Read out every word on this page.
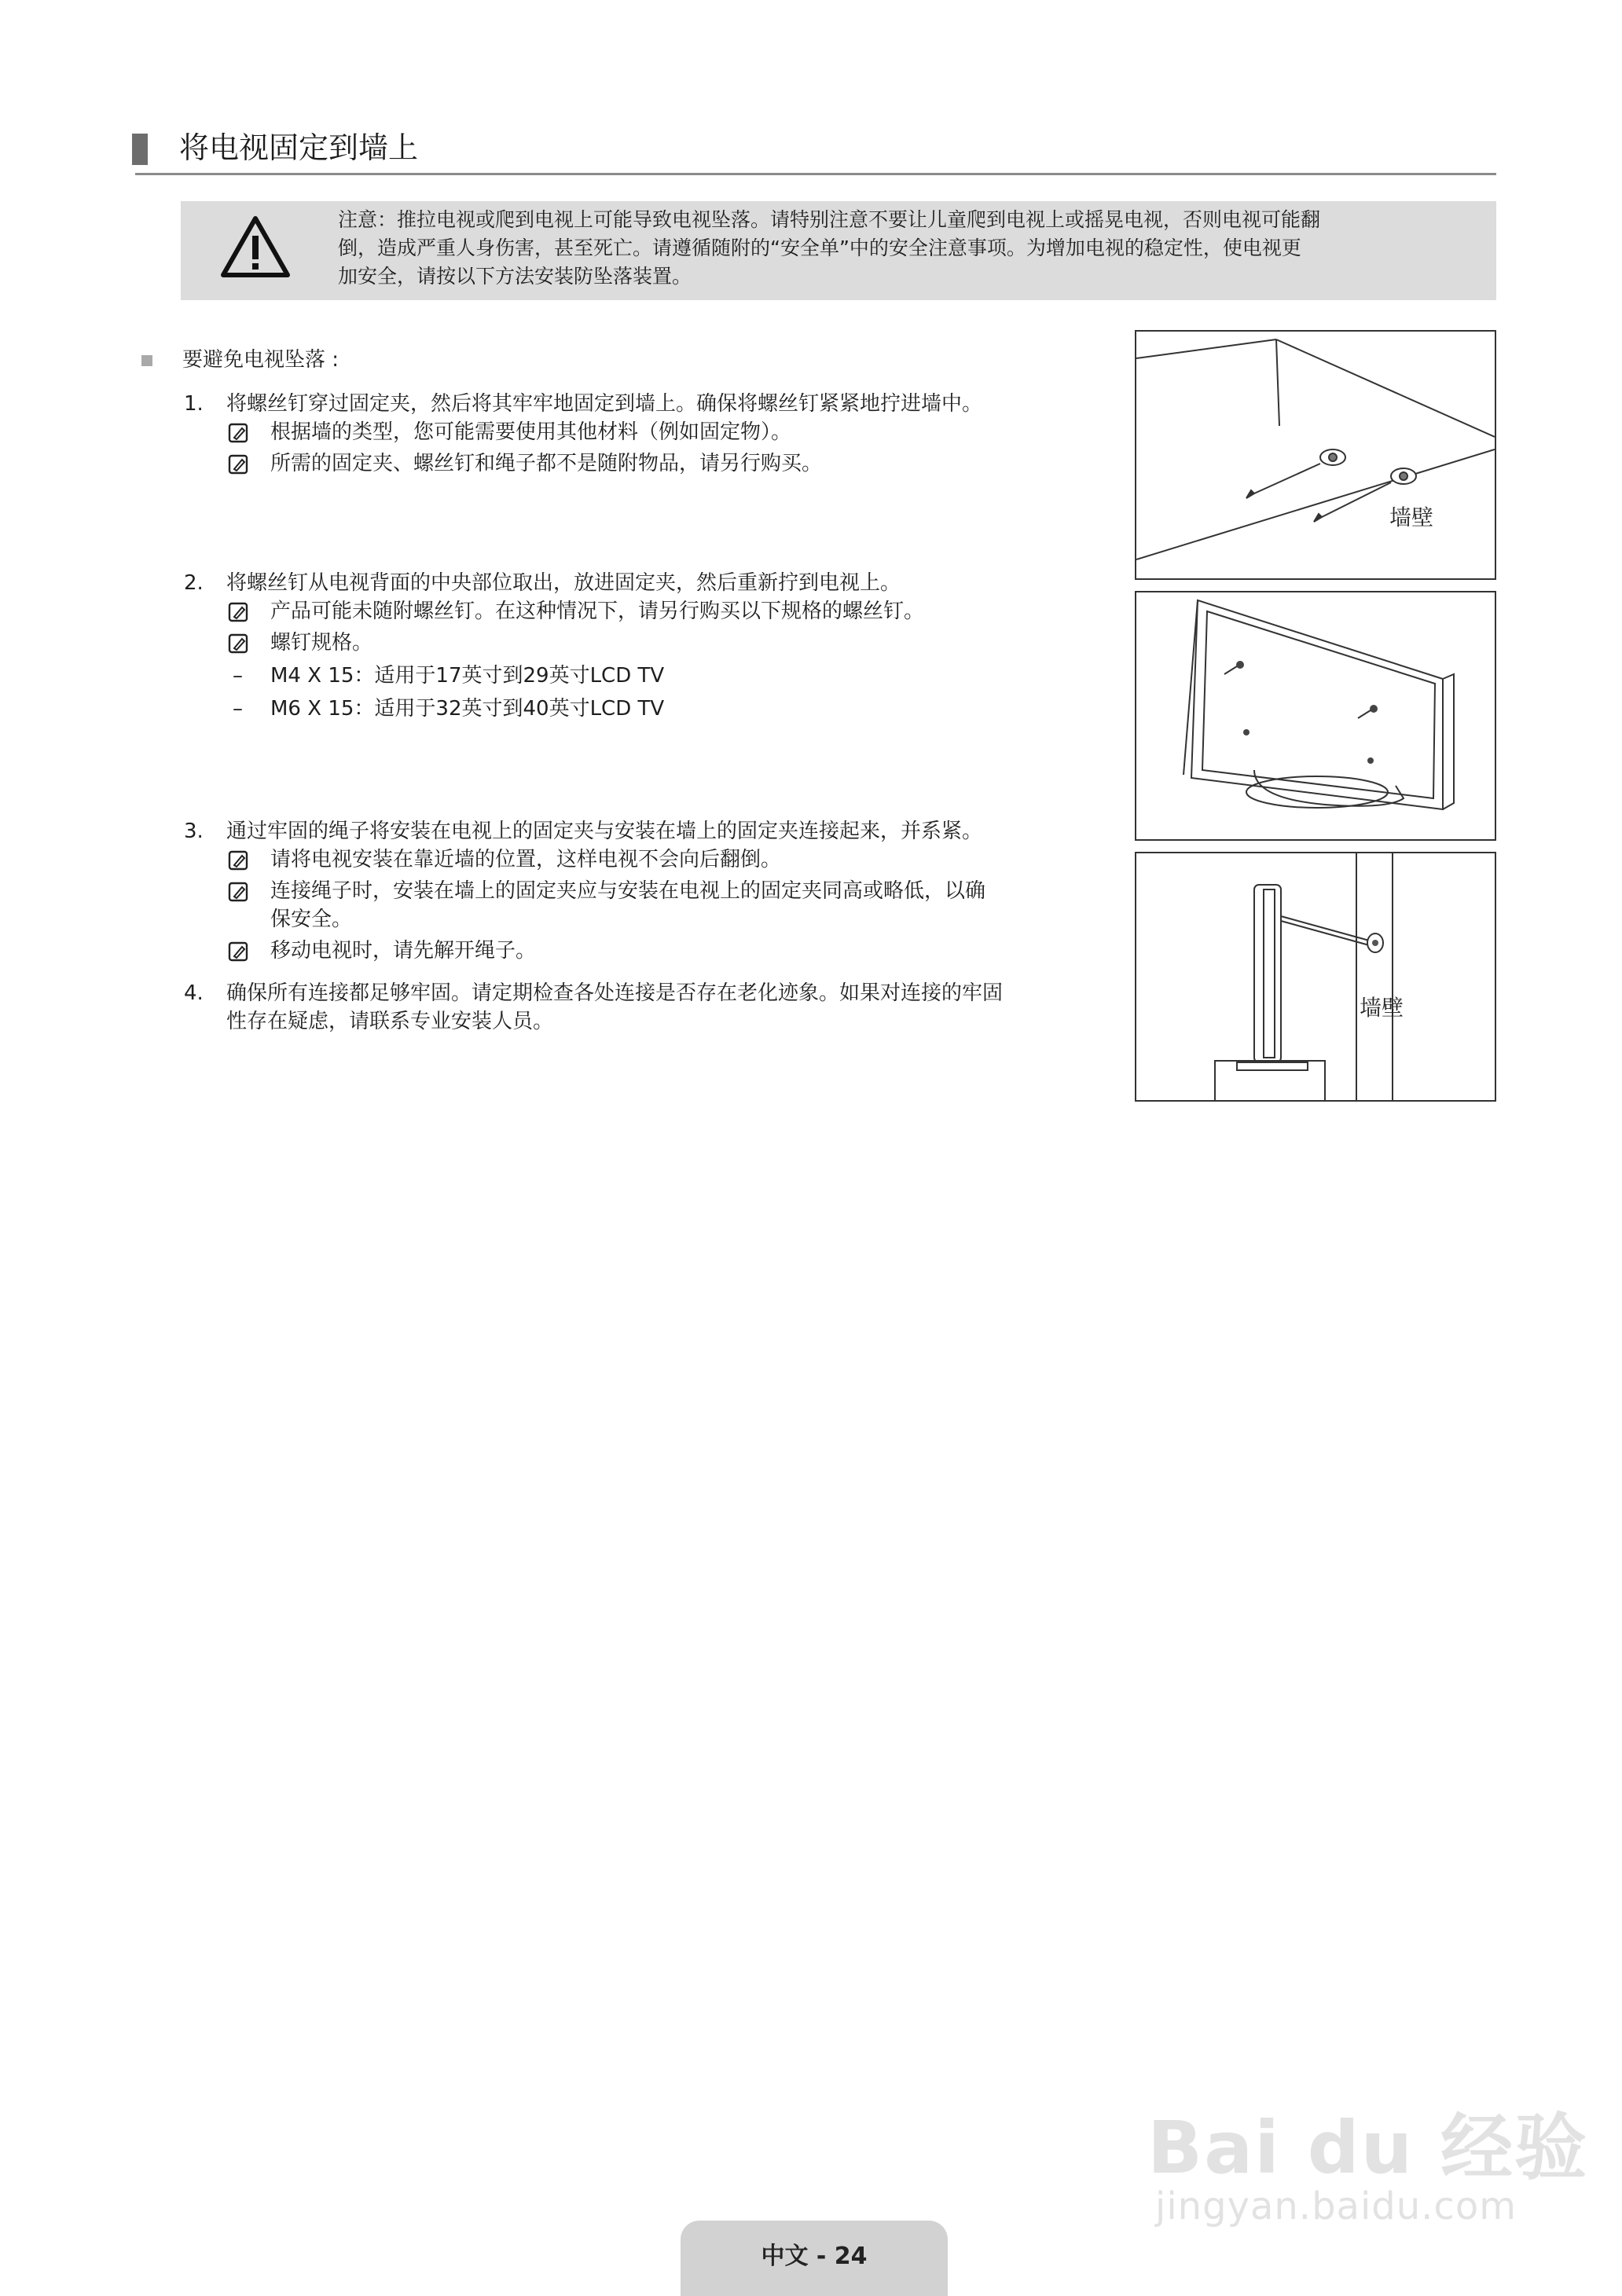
将电视固定到墙上
注意：推拉电视或爬到电视上可能导致电视坠落。请特别注意不要让儿童爬到电视上或摇晃电视，否则电视可能翻
倒，造成严重人身伤害，甚至死亡。请遵循随附的“安全单”中的安全注意事项。为增加电视的稳定性，使电视更
加安全，请按以下方法安装防坠落装置。
要避免电视坠落 :
1. 将螺丝钉穿过固定夹，然后将其牢牢地固定到墙上。确保将螺丝钉紧紧地拧进墙中。
根据墙的类型，您可能需要使用其他材料（例如固定物）。
所需的固定夹、螺丝钉和绳子都不是随附物品，请另行购买。
2. 将螺丝钉从电视背面的中央部位取出，放进固定夹，然后重新拧到电视上。
产品可能未随附螺丝钉。在这种情况下，请另行购买以下规格的螺丝钉。
螺钉规格。
– M4 X 15：适用于17英寸到29英寸LCD TV
– M6 X 15：适用于32英寸到40英寸LCD TV
3. 通过牢固的绳子将安装在电视上的固定夹与安装在墙上的固定夹连接起来，并系紧。
请将电视安装在靠近墙的位置，这样电视不会向后翻倒。
连接绳子时，安装在墙上的固定夹应与安装在电视上的固定夹同高或略低，以确
保安全。
移动电视时，请先解开绳子。
4. 确保所有连接都足够牢固。请定期检查各处连接是否存在老化迹象。如果对连接的牢固
性存在疑虑，请联系专业安装人员。
墙壁
墙壁
Bai du 经验
jingyan.baidu.com
中文 - 24
